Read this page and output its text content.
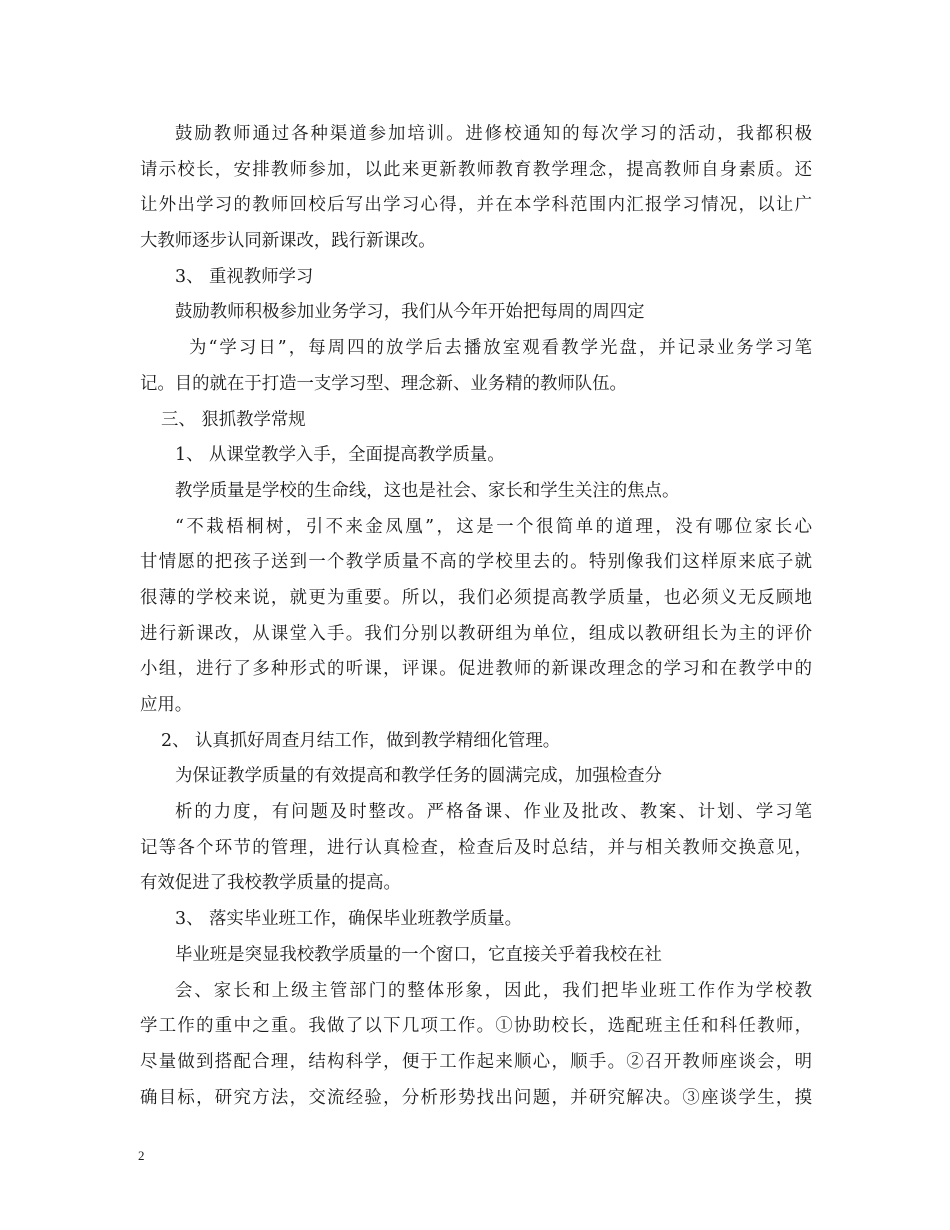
鼓励教师通过各种渠道参加培训。进修校通知的每次学习的活动，我都积极
请示校长，安排教师参加，以此来更新教师教育教学理念，提高教师自身素质。还
让外出学习的教师回校后写出学习心得，并在本学科范围内汇报学习情况，以让广
大教师逐步认同新课改，践行新课改。
3、 重视教师学习
鼓励教师积极参加业务学习，我们从今年开始把每周的周四定
为“学习日”，每周四的放学后去播放室观看教学光盘，并记录业务学习笔
记。目的就在于打造一支学习型、理念新、业务精的教师队伍。
三、 狠抓教学常规
1、 从课堂教学入手，全面提高教学质量。
教学质量是学校的生命线，这也是社会、家长和学生关注的焦点。
“不栽梧桐树，引不来金凤凰”，这是一个很简单的道理，没有哪位家长心
甘情愿的把孩子送到一个教学质量不高的学校里去的。特别像我们这样原来底子就
很薄的学校来说，就更为重要。所以，我们必须提高教学质量，也必须义无反顾地
进行新课改，从课堂入手。我们分别以教研组为单位，组成以教研组长为主的评价
小组，进行了多种形式的听课，评课。促进教师的新课改理念的学习和在教学中的
应用。
2、 认真抓好周查月结工作，做到教学精细化管理。
为保证教学质量的有效提高和教学任务的圆满完成，加强检查分
析的力度，有问题及时整改。严格备课、作业及批改、教案、计划、学习笔
记等各个环节的管理，进行认真检查，检查后及时总结，并与相关教师交换意见，
有效促进了我校教学质量的提高。
3、 落实毕业班工作，确保毕业班教学质量。
毕业班是突显我校教学质量的一个窗口，它直接关乎着我校在社
会、家长和上级主管部门的整体形象，因此，我们把毕业班工作作为学校教
学工作的重中之重。我做了以下几项工作。①协助校长，选配班主任和科任教师，
尽量做到搭配合理，结构科学，便于工作起来顺心，顺手。②召开教师座谈会，明
确目标，研究方法，交流经验，分析形势找出问题，并研究解决。③座谈学生，摸
2
